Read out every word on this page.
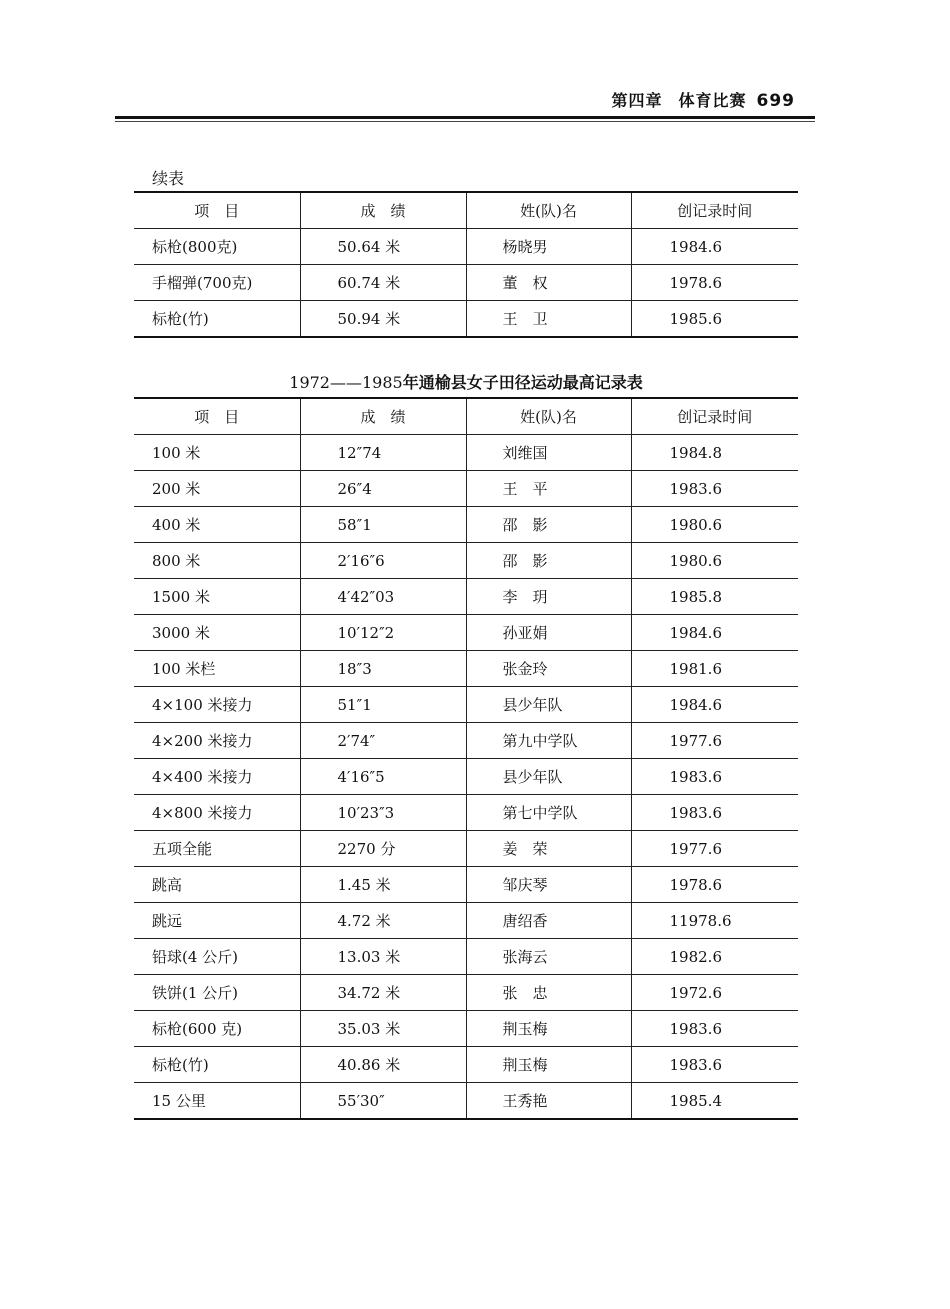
第四章 体育比赛 699
续表
项　目	成　绩	姓(队)名	创记录时间
标枪(800克)	50.64 米	杨晓男	1984.6
手榴弹(700克)	60.74 米	董　权	1978.6
标枪(竹)	50.94 米	王　卫	1985.6
1972——1985年通榆县女子田径运动最高记录表
项　目	成　绩	姓(队)名	创记录时间
100 米	12″74	刘维国	1984.8
200 米	26″4	王　平	1983.6
400 米	58″1	邵　影	1980.6
800 米	2′16″6	邵　影	1980.6
1500 米	4′42″03	李　玥	1985.8
3000 米	10′12″2	孙亚娟	1984.6
100 米栏	18″3	张金玲	1981.6
4×100 米接力	51″1	县少年队	1984.6
4×200 米接力	2′74″	第九中学队	1977.6
4×400 米接力	4′16″5	县少年队	1983.6
4×800 米接力	10′23″3	第七中学队	1983.6
五项全能	2270 分	姜　荣	1977.6
跳高	1.45 米	邹庆琴	1978.6
跳远	4.72 米	唐绍香	11978.6
铅球(4 公斤)	13.03 米	张海云	1982.6
铁饼(1 公斤)	34.72 米	张　忠	1972.6
标枪(600 克)	35.03 米	荆玉梅	1983.6
标枪(竹)	40.86 米	荆玉梅	1983.6
15 公里	55′30″	王秀艳	1985.4
